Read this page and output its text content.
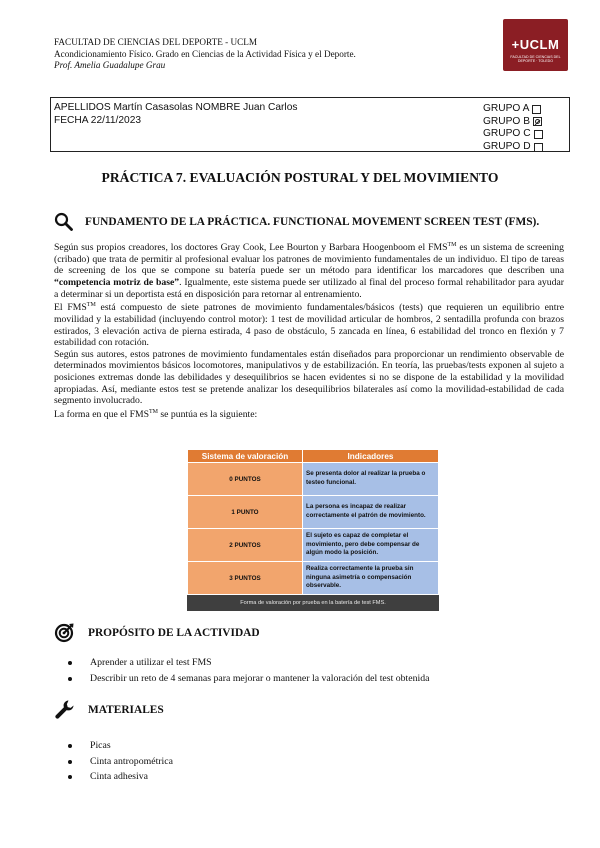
FACULTAD DE CIENCIAS DEL DEPORTE - UCLM
Acondicionamiento Físico. Grado en Ciencias de la Actividad Física y el Deporte.
Prof. Amelia Guadalupe Grau
+UCLM
FACULTAD DE CIENCIAS DEL DEPORTE · TOLEDO
APELLIDOS Martín Casasolas NOMBRE Juan Carlos
FECHA 22/11/2023
GRUPO A
GRUPO B
GRUPO C
GRUPO D
PRÁCTICA 7. EVALUACIÓN POSTURAL Y DEL MOVIMIENTO
FUNDAMENTO DE LA PRÁCTICA. FUNCTIONAL MOVEMENT SCREEN TEST (FMS).

Según sus propios creadores, los doctores Gray Cook, Lee Bourton y Barbara Hoogenboom el FMS™ es un sistema de screening (cribado) que trata de permitir al profesional evaluar los patrones de movimiento fundamentales de un individuo. El tipo de tareas de screening de los que se compone su batería puede ser un método para identificar los marcadores que describen una “competencia motriz de base”. Igualmente, este sistema puede ser utilizado al final del proceso formal rehabilitador para ayudar a determinar si un deportista está en disposición para retornar al entrenamiento.

El FMS™ está compuesto de siete patrones de movimiento fundamentales/básicos (tests) que requieren un equilibrio entre movilidad y la estabilidad (incluyendo control motor): 1 test de movilidad articular de hombros, 2 sentadilla profunda con brazos estirados, 3 elevación activa de pierna estirada, 4 paso de obstáculo, 5 zancada en línea, 6 estabilidad del tronco en flexión y 7 estabilidad con rotación.

Según sus autores, estos patrones de movimiento fundamentales están diseñados para proporcionar un rendimiento observable de determinados movimientos básicos locomotores, manipulativos y de estabilización. En teoría, las pruebas/tests exponen al sujeto a posiciones extremas donde las debilidades y desequilibrios se hacen evidentes si no se dispone de la estabilidad y la movilidad apropiadas. Así, mediante estos test se pretende analizar los desequilibrios bilaterales así como la movilidad-estabilidad de cada segmento involucrado.

La forma en que el FMS™ se puntúa es la siguiente:

Sistema de valoración	Indicadores
0 PUNTOS	Se presenta dolor al realizar la prueba o testeo funcional.
1 PUNTO	La persona es incapaz de realizar correctamente el patrón de movimiento.
2 PUNTOS	El sujeto es capaz de completar el movimiento, pero debe compensar de algún modo la posición.
3 PUNTOS	Realiza correctamente la prueba sin ninguna asimetría o compensación observable.
Forma de valoración por prueba en la batería de test FMS.
PROPÓSITO DE LA ACTIVIDAD
Aprender a utilizar el test FMS
Describir un reto de 4 semanas para mejorar o mantener la valoración del test obtenida
MATERIALES
Picas
Cinta antropométrica
Cinta adhesiva
